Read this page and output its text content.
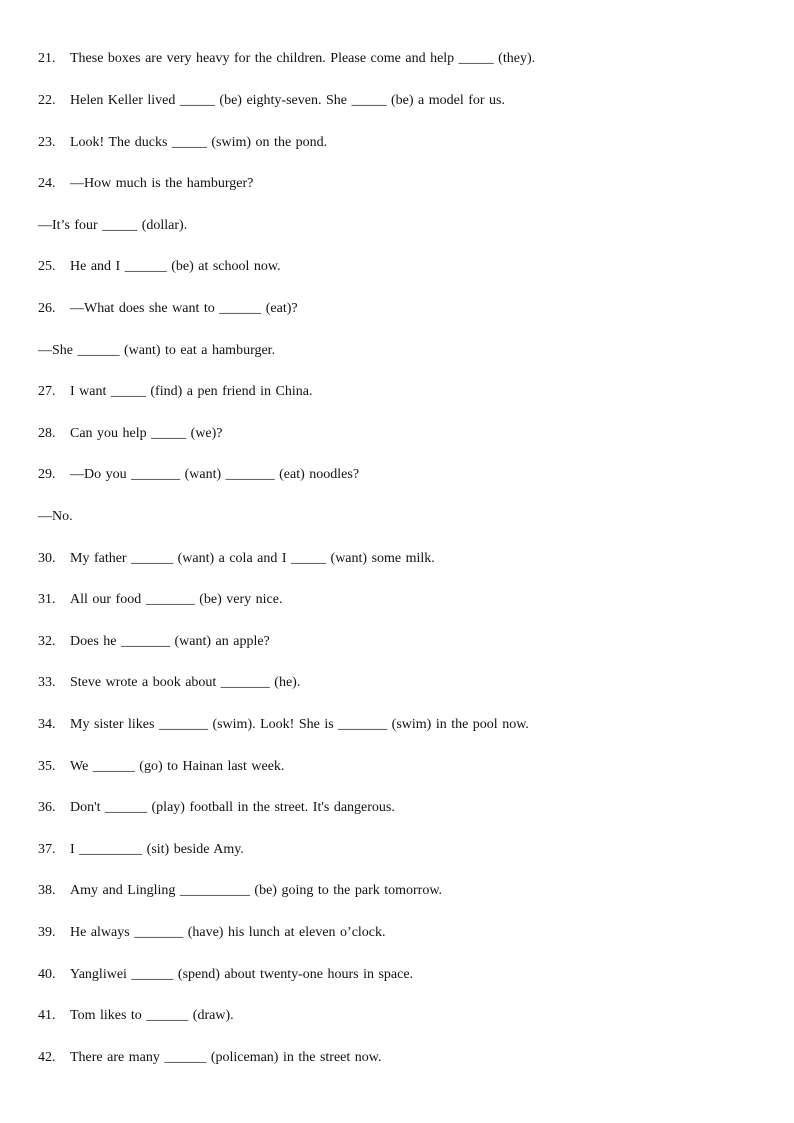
21. These boxes are very heavy for the children. Please come and help _____ (they).
22. Helen Keller lived _____ (be) eighty-seven. She _____ (be) a model for us.
23. Look! The ducks _____ (swim) on the pond.
24. —How much is the hamburger?
—It’s four _____ (dollar).
25. He and I ______ (be) at school now.
26. —What does she want to ______ (eat)?
—She ______ (want) to eat a hamburger.
27. I want _____ (find) a pen friend in China.
28. Can you help _____ (we)?
29. —Do you _______ (want) _______ (eat) noodles?
—No.
30. My father ______ (want) a cola and I _____ (want) some milk.
31. All our food _______ (be) very nice.
32. Does he _______ (want) an apple?
33. Steve wrote a book about _______ (he).
34. My sister likes _______ (swim). Look! She is _______ (swim) in the pool now.
35. We ______ (go) to Hainan last week.
36. Don't ______ (play) football in the street. It's dangerous.
37. I _________ (sit) beside Amy.
38. Amy and Lingling __________ (be) going to the park tomorrow.
39. He always _______ (have) his lunch at eleven o’clock.
40. Yangliwei ______ (spend) about twenty-one hours in space.
41. Tom likes to ______ (draw).
42. There are many ______ (policeman) in the street now.
